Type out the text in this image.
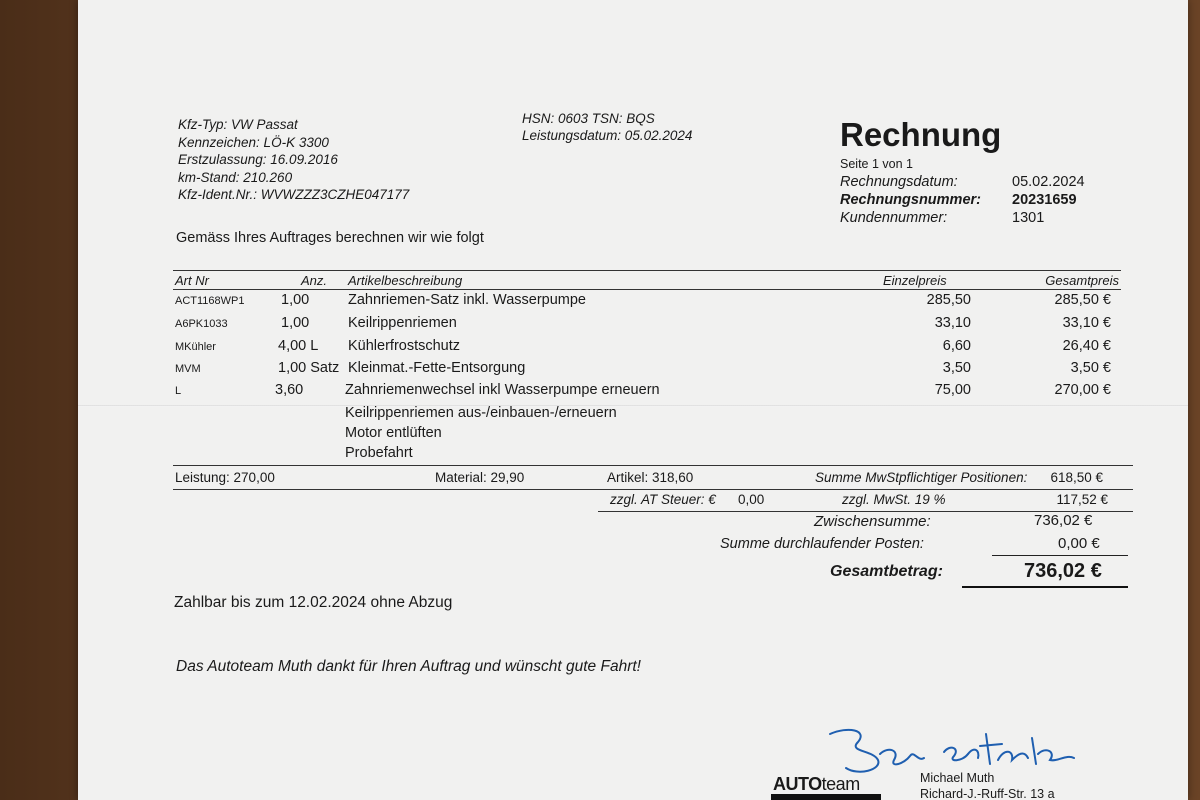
Kfz-Typ: VW Passat
Kennzeichen: LÖ-K 3300
Erstzulassung: 16.09.2016
km-Stand: 210.260
Kfz-Ident.Nr.: WVWZZZ3CZHE047177
HSN: 0603 TSN: BQS
Leistungsdatum: 05.02.2024	Rechnung
Seite 1 von 1
Rechnungsdatum:	05.02.2024
Rechnungsnummer:	20231659
Kundennummer:	1301
Gemäss Ihres Auftrages berechnen wir wie folgt
Art Nr	Anz. Artikelbeschreibung	Einzelpreis	Gesamtpreis
ACT1168WP1	1,00	Zahnriemen-Satz inkl. Wasserpumpe	285,50	285,50 €
A6PK1033	1,00	Keilrippenriemen	33,10	33,10 €
MKühler	4,00 L Kühlerfrostschutz	6,60	26,40 €
MVM	1,00 Satz Kleinmat.-Fette-Entsorgung	3,50	3,50 €
L	3,60	Zahnriemenwechsel inkl Wasserpumpe erneuern	75,00	270,00 €
Keilrippenriemen aus-/einbauen-/erneuern
Motor entlüften
Probefahrt
Leistung: 270,00	Material: 29,90	Artikel: 318,60	Summe MwStpflichtiger Positionen: 618,50 €
zzgl. AT Steuer: € 0,00	zzgl. MwSt. 19 %	117,52 €
Zwischensumme:	736,02 €
Summe durchlaufender Posten:	0,00 €
Gesamtbetrag:	736,02 €
Zahlbar bis zum 12.02.2024 ohne Abzug
Das Autoteam Muth dankt für Ihren Auftrag und wünscht gute Fahrt!
AUTOteam	Michael Muth
Richard-J.-Ruff-Str. 13 a
